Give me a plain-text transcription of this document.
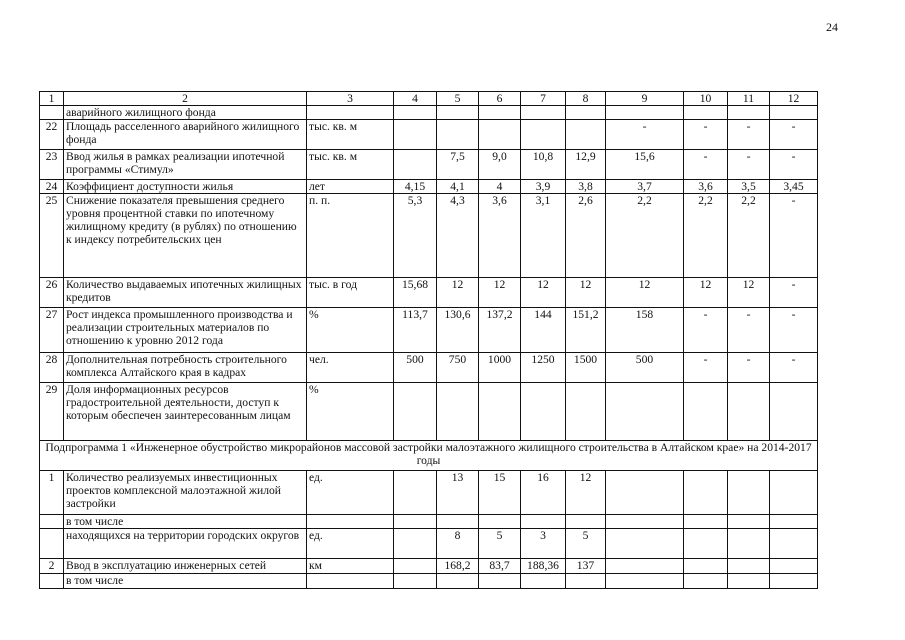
24
1	2	3	4	5	6	7	8	9	10	11	12
	аварийного жилищного фонда										
22	Площадь расселенного аварийного жилищного фонда	тыс. кв. м						-	-	-	-
23	Ввод жилья в рамках реализации ипотечной программы «Стимул»	тыс. кв. м		7,5	9,0	10,8	12,9	15,6	-	-	-
24	Коэффициент доступности жилья	лет	4,15	4,1	4	3,9	3,8	3,7	3,6	3,5	3,45
25	Снижение показателя превышения среднего уровня процентной ставки по ипотечному жилищному кредиту (в рублях) по отношению к индексу потребительских цен	п. п.	5,3	4,3	3,6	3,1	2,6	2,2	2,2	2,2	-
26	Количество выдаваемых ипотечных жилищных кредитов	тыс. в год	15,68	12	12	12	12	12	12	12	-
27	Рост индекса промышленного производства и реализации строительных материалов по отношению к уровню 2012 года	%	113,7	130,6	137,2	144	151,2	158	-	-	-
28	Дополнительная потребность строительного комплекса Алтайского края в кадрах	чел.	500	750	1000	1250	1500	500	-	-	-
29	Доля информационных ресурсов градостроительной деятельности, доступ к которым обеспечен заинтересованным лицам	%									
Подпрограмма 1 «Инженерное обустройство микрорайонов массовой застройки малоэтажного жилищного строительства в Алтайском крае» на 2014-2017 годы											
1	Количество реализуемых инвестиционных проектов комплексной малоэтажной жилой застройки	ед.		13	15	16	12				
	в том числе										
	находящихся на территории городских округов	ед.		8	5	3	5				
2	Ввод в эксплуатацию инженерных сетей	км		168,2	83,7	188,36	137				
	в том числе										
